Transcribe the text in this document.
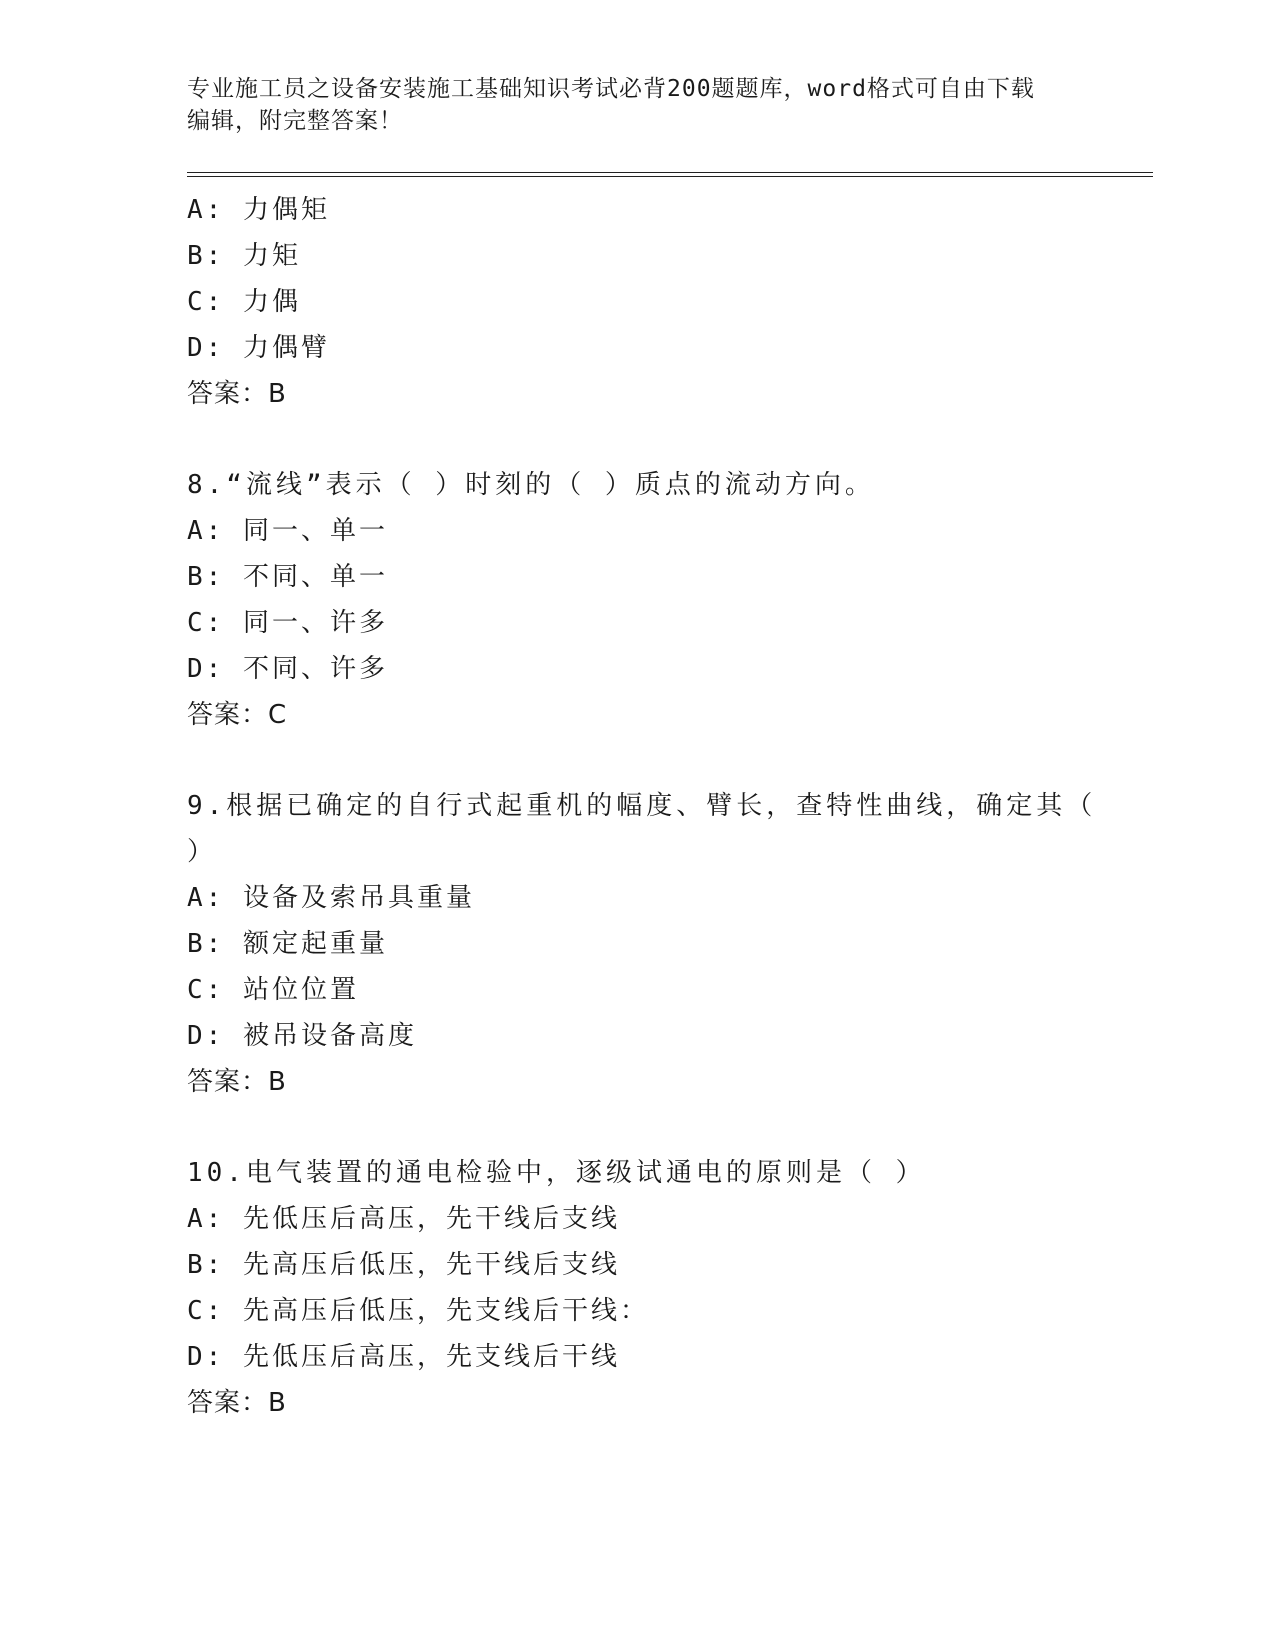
专业施工员之设备安装施工基础知识考试必背200题题库，word格式可自由下载
编辑，附完整答案！
A: 力偶矩
B: 力矩
C: 力偶
D: 力偶臂
答案：B
8.“流线”表示（ ）时刻的（ ）质点的流动方向。
A: 同一、单一
B: 不同、单一
C: 同一、许多
D: 不同、许多
答案：C
9.根据已确定的自行式起重机的幅度、臂长，查特性曲线，确定其（
）
A: 设备及索吊具重量
B: 额定起重量
C: 站位位置
D: 被吊设备高度
答案：B
10.电气装置的通电检验中，逐级试通电的原则是（ ）
A: 先低压后高压，先干线后支线
B: 先高压后低压，先干线后支线
C: 先高压后低压，先支线后干线：
D: 先低压后高压，先支线后干线
答案：B
